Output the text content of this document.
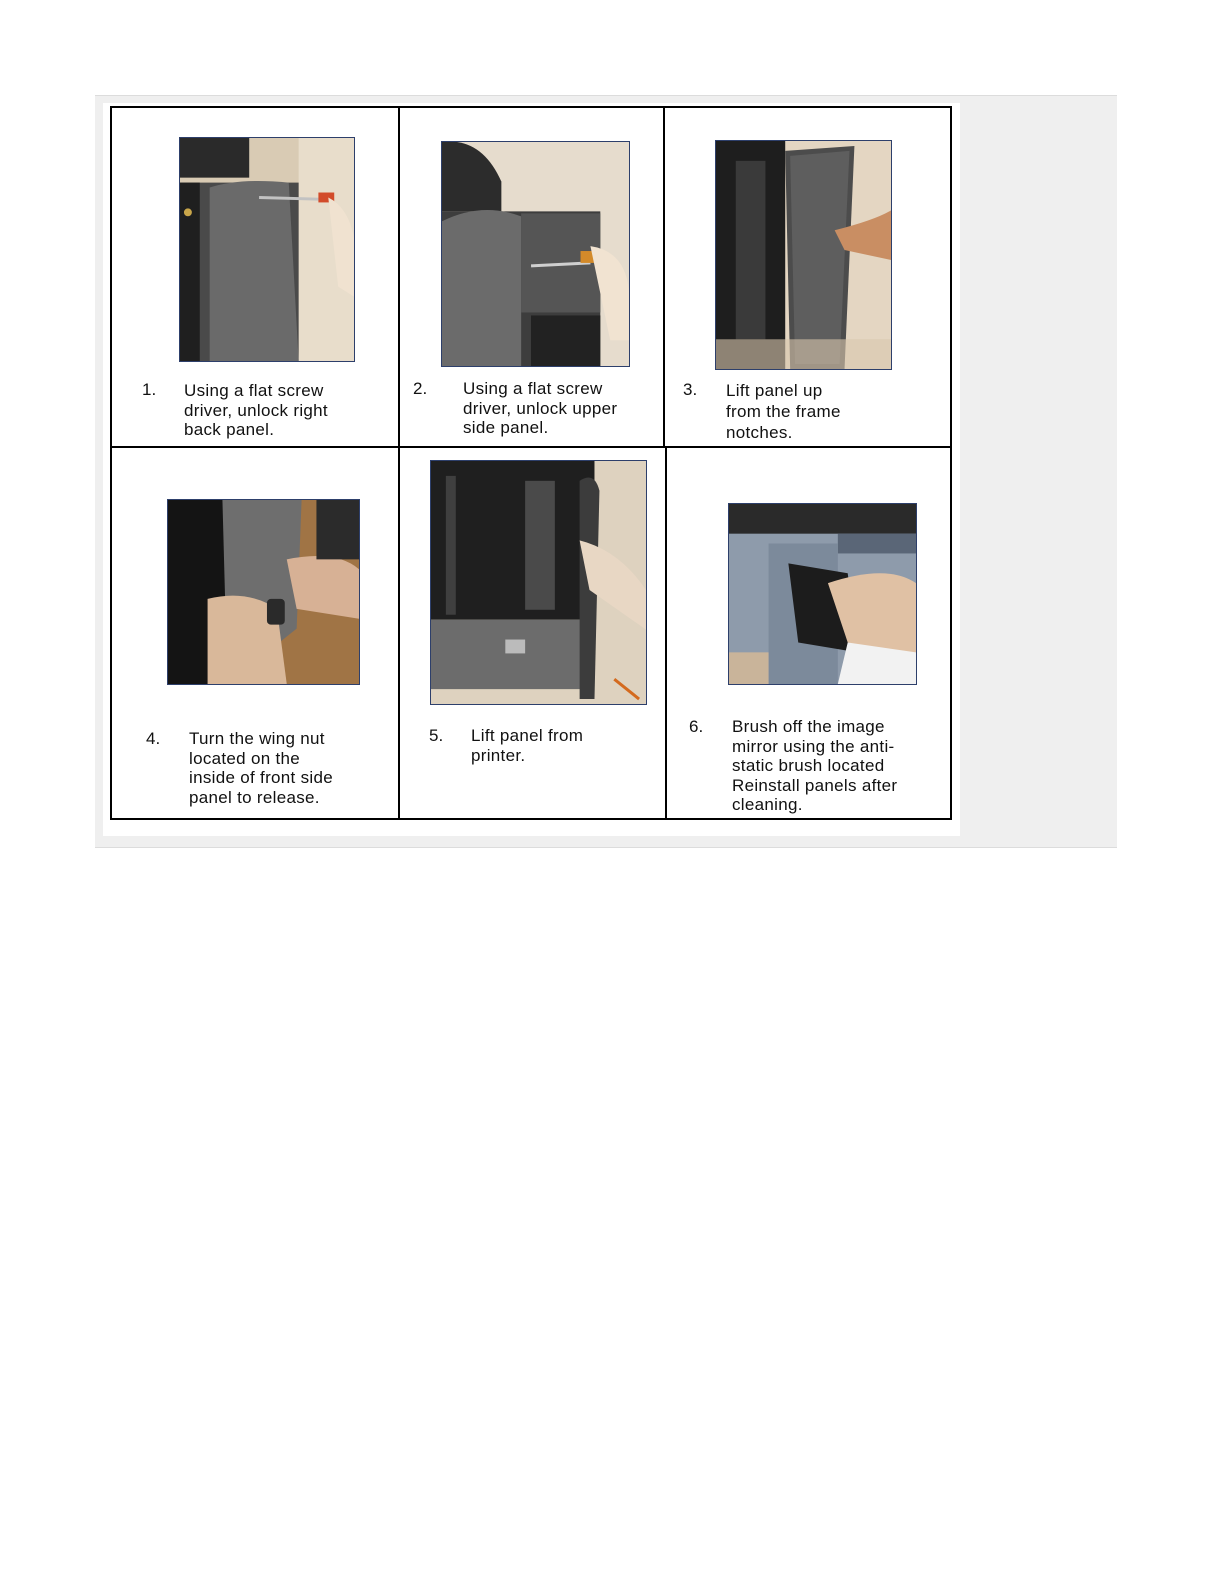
1. Using a flat screw
driver, unlock right
back panel.
2. Using a flat screw
driver, unlock upper
side panel.
3. Lift panel up
from the frame
notches.
4. Turn the wing nut
located on the
inside of front side
panel to release.
5. Lift panel from
printer.
6. Brush off the image
mirror using the anti-
static brush located
Reinstall panels after
cleaning.
